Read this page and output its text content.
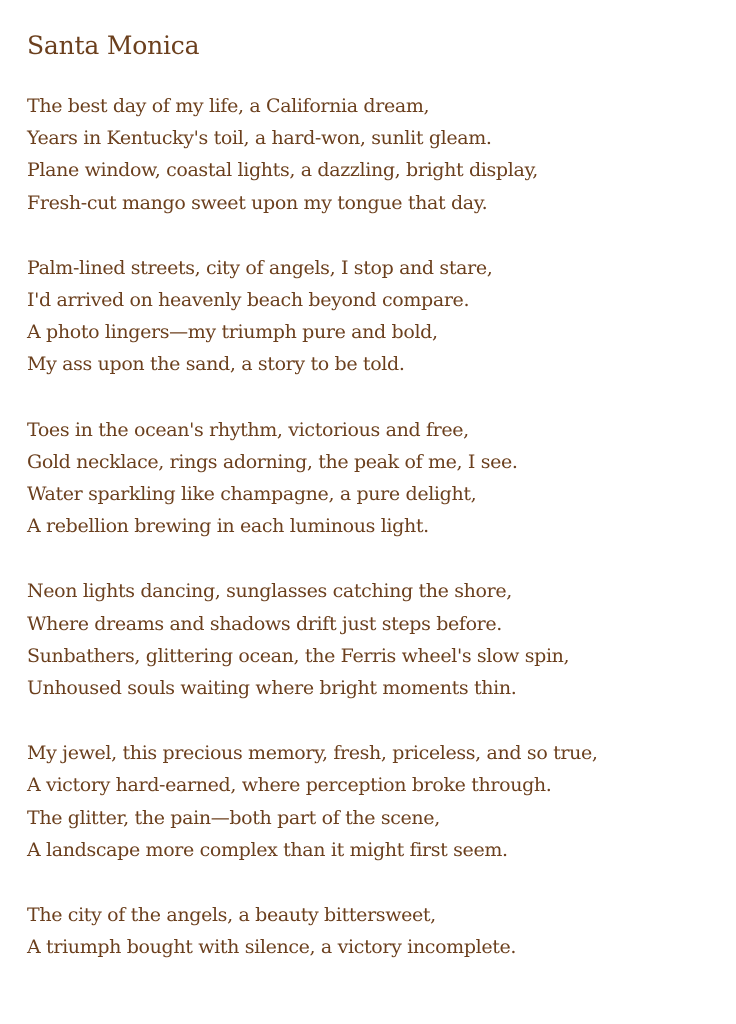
Santa Monica
The best day of my life, a California dream,
Years in Kentucky's toil, a hard-won, sunlit gleam.
Plane window, coastal lights, a dazzling, bright display,
Fresh-cut mango sweet upon my tongue that day.
Palm-lined streets, city of angels, I stop and stare,
I'd arrived on heavenly beach beyond compare.
A photo lingers—my triumph pure and bold,
My ass upon the sand, a story to be told.
Toes in the ocean's rhythm, victorious and free,
Gold necklace, rings adorning, the peak of me, I see.
Water sparkling like champagne, a pure delight,
A rebellion brewing in each luminous light.
Neon lights dancing, sunglasses catching the shore,
Where dreams and shadows drift just steps before.
Sunbathers, glittering ocean, the Ferris wheel's slow spin,
Unhoused souls waiting where bright moments thin.
My jewel, this precious memory, fresh, priceless, and so true,
A victory hard-earned, where perception broke through.
The glitter, the pain—both part of the scene,
A landscape more complex than it might first seem.
The city of the angels, a beauty bittersweet,
A triumph bought with silence, a victory incomplete.
